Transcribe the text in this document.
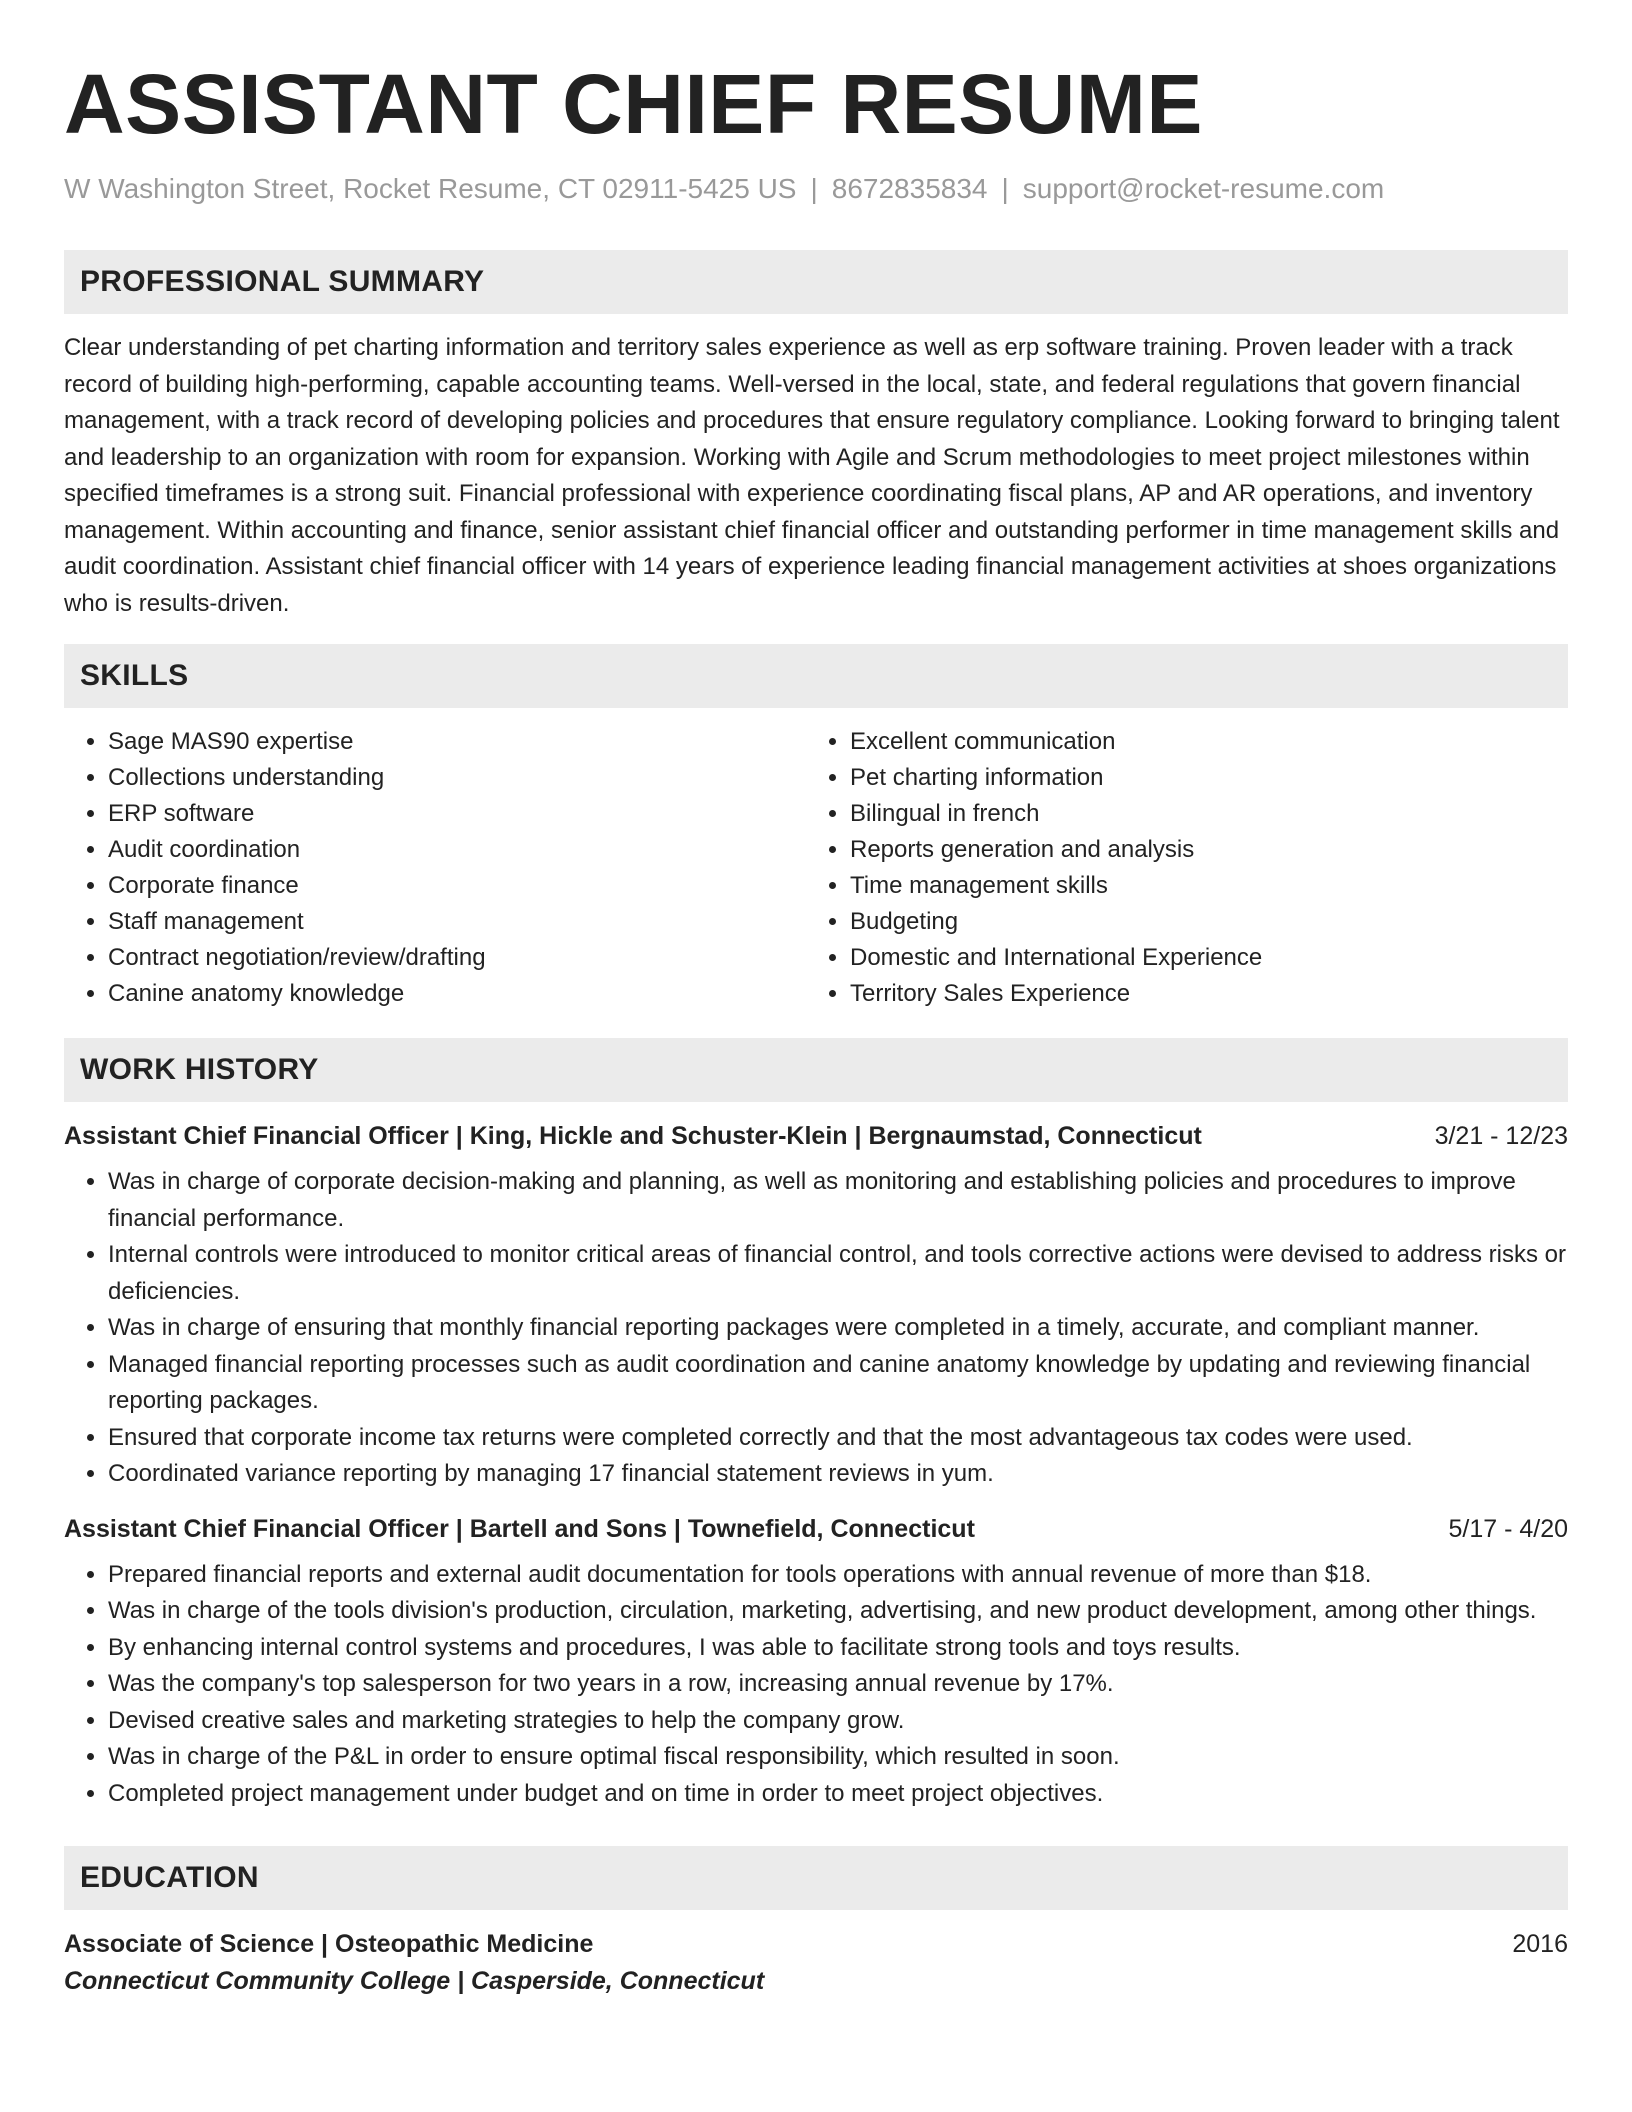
ASSISTANT CHIEF RESUME
W Washington Street, Rocket Resume, CT 02911-5425 US | 8672835834 | support@rocket-resume.com
PROFESSIONAL SUMMARY

Clear understanding of pet charting information and territory sales experience as well as erp software training. Proven leader with a track record of building high-performing, capable accounting teams. Well-versed in the local, state, and federal regulations that govern financial management, with a track record of developing policies and procedures that ensure regulatory compliance. Looking forward to bringing talent and leadership to an organization with room for expansion. Working with Agile and Scrum methodologies to meet project milestones within specified timeframes is a strong suit. Financial professional with experience coordinating fiscal plans, AP and AR operations, and inventory management. Within accounting and finance, senior assistant chief financial officer and outstanding performer in time management skills and audit coordination. Assistant chief financial officer with 14 years of experience leading financial management activities at shoes organizations who is results-driven.

SKILLS
• Sage MAS90 expertise
• Collections understanding
• ERP software
• Audit coordination
• Corporate finance
• Staff management
• Contract negotiation/review/drafting
• Canine anatomy knowledge
• Excellent communication
• Pet charting information
• Bilingual in french
• Reports generation and analysis
• Time management skills
• Budgeting
• Domestic and International Experience
• Territory Sales Experience
WORK HISTORY
Assistant Chief Financial Officer | King, Hickle and Schuster-Klein | Bergnaumstad, Connecticut	3/21 - 12/23
• Was in charge of corporate decision-making and planning, as well as monitoring and establishing policies and procedures to improve financial performance.
• Internal controls were introduced to monitor critical areas of financial control, and tools corrective actions were devised to address risks or deficiencies.
• Was in charge of ensuring that monthly financial reporting packages were completed in a timely, accurate, and compliant manner.
• Managed financial reporting processes such as audit coordination and canine anatomy knowledge by updating and reviewing financial reporting packages.
• Ensured that corporate income tax returns were completed correctly and that the most advantageous tax codes were used.
• Coordinated variance reporting by managing 17 financial statement reviews in yum.
Assistant Chief Financial Officer | Bartell and Sons | Townefield, Connecticut	5/17 - 4/20
• Prepared financial reports and external audit documentation for tools operations with annual revenue of more than $18.
• Was in charge of the tools division's production, circulation, marketing, advertising, and new product development, among other things.
• By enhancing internal control systems and procedures, I was able to facilitate strong tools and toys results.
• Was the company's top salesperson for two years in a row, increasing annual revenue by 17%.
• Devised creative sales and marketing strategies to help the company grow.
• Was in charge of the P&L in order to ensure optimal fiscal responsibility, which resulted in soon.
• Completed project management under budget and on time in order to meet project objectives.
EDUCATION
Associate of Science | Osteopathic Medicine	2016
Connecticut Community College | Casperside, Connecticut
